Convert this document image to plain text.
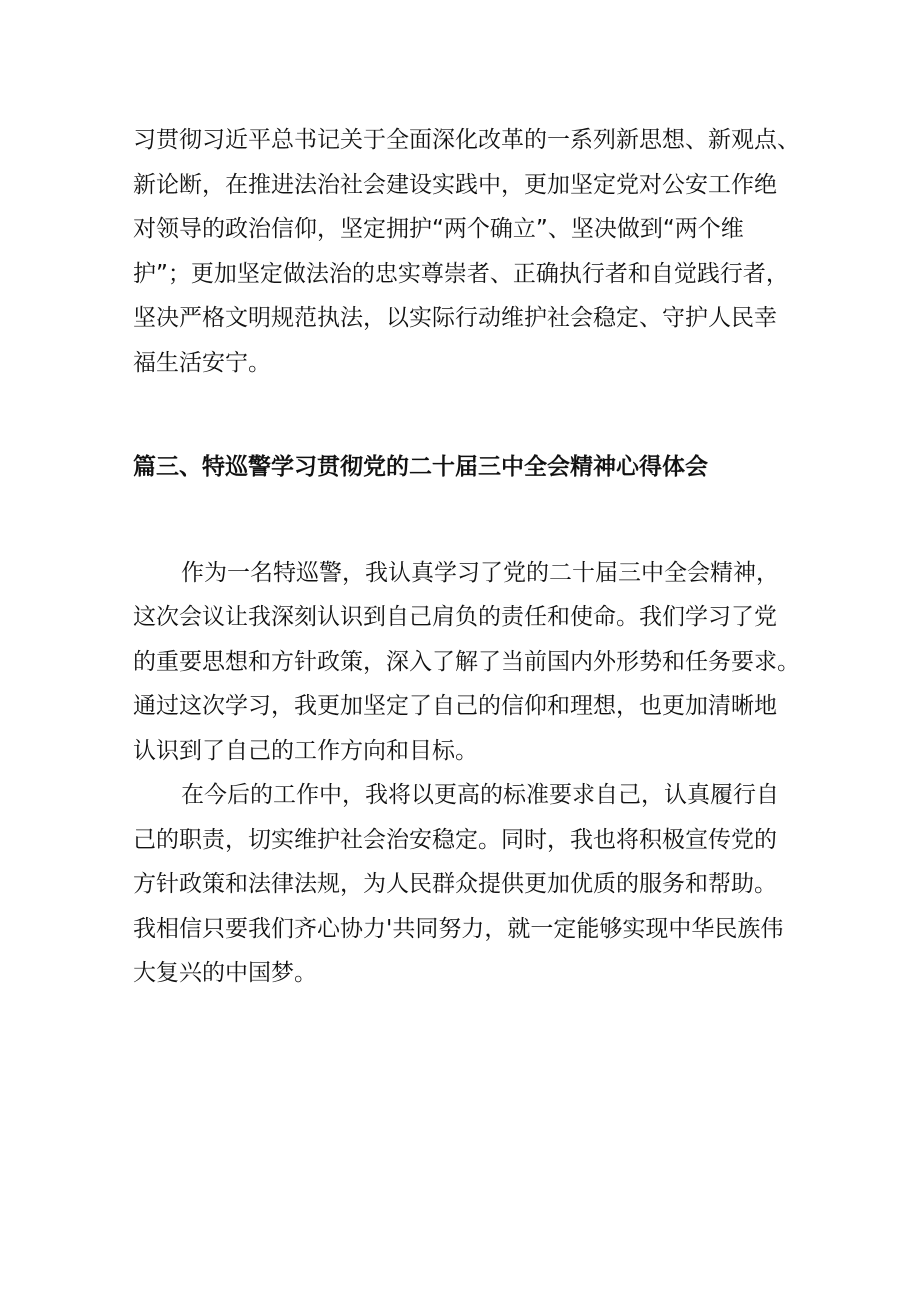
习贯彻习近平总书记关于全面深化改革的一系列新思想、新观点、
新论断，在推进法治社会建设实践中，更加坚定党对公安工作绝
对领导的政治信仰，坚定拥护“两个确立”、坚决做到“两个维
护”；更加坚定做法治的忠实尊崇者、正确执行者和自觉践行者，
坚决严格文明规范执法，以实际行动维护社会稳定、守护人民幸
福生活安宁。
篇三、特巡警学习贯彻党的二十届三中全会精神心得体会
作为一名特巡警，我认真学习了党的二十届三中全会精神，
这次会议让我深刻认识到自己肩负的责任和使命。我们学习了党
的重要思想和方针政策，深入了解了当前国内外形势和任务要求。
通过这次学习，我更加坚定了自己的信仰和理想，也更加清晰地
认识到了自己的工作方向和目标。
在今后的工作中，我将以更高的标准要求自己，认真履行自
己的职责，切实维护社会治安稳定。同时，我也将积极宣传党的
方针政策和法律法规，为人民群众提供更加优质的服务和帮助。
我相信只要我们齐心协力'共同努力，就一定能够实现中华民族伟
大复兴的中国梦。
